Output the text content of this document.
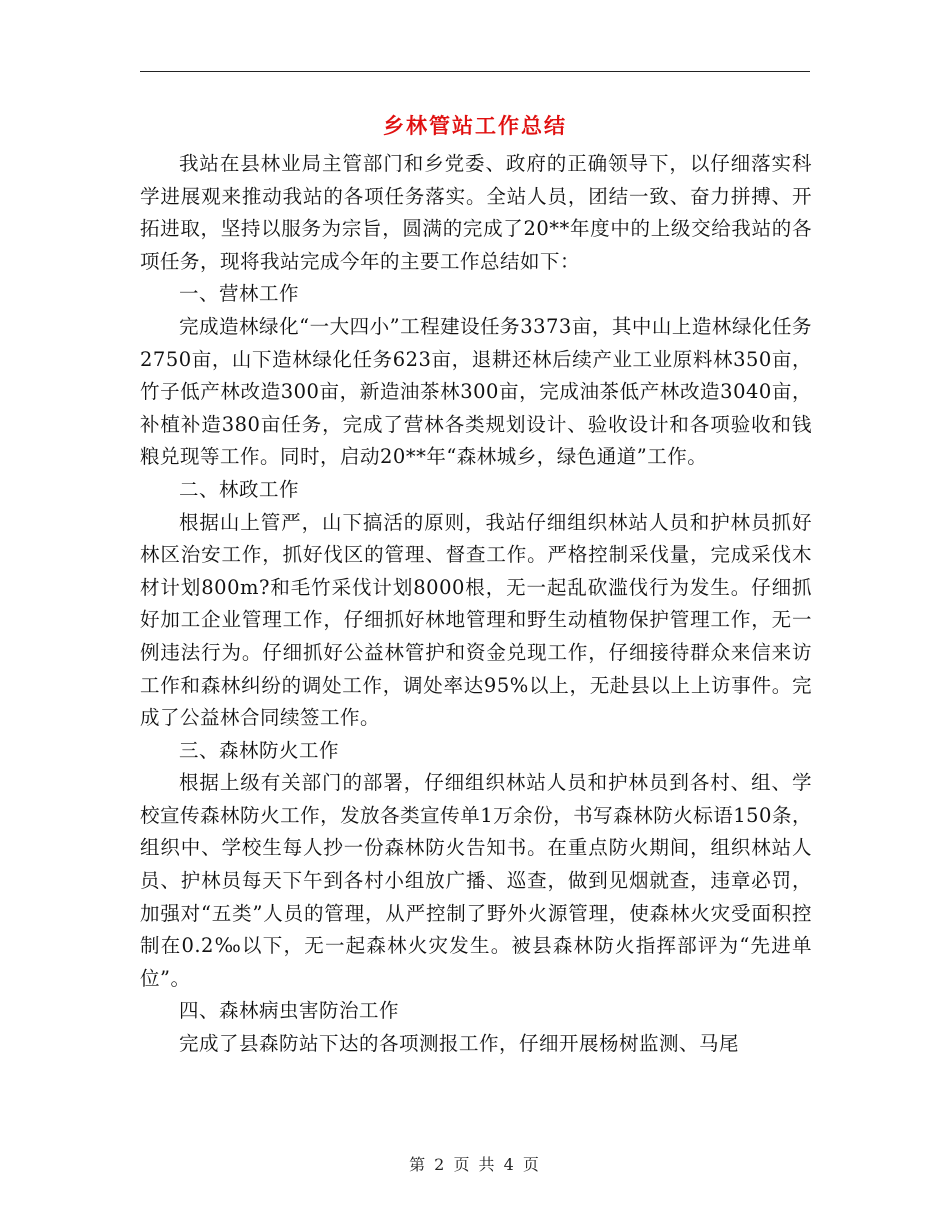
乡林管站工作总结

我站在县林业局主管部门和乡党委、政府的正确领导下，以仔细落实科学进展观来推动我站的各项任务落实。全站人员，团结一致、奋力拼搏、开拓进取，坚持以服务为宗旨，圆满的完成了20**年度中的上级交给我站的各项任务，现将我站完成今年的主要工作总结如下：

一、营林工作

完成造林绿化“一大四小”工程建设任务3373亩，其中山上造林绿化任务2750亩，山下造林绿化任务623亩，退耕还林后续产业工业原料林350亩，竹子低产林改造300亩，新造油茶林300亩，完成油茶低产林改造3040亩，补植补造380亩任务，完成了营林各类规划设计、验收设计和各项验收和钱粮兑现等工作。同时，启动20**年“森林城乡，绿色通道”工作。

二、林政工作

根据山上管严，山下搞活的原则，我站仔细组织林站人员和护林员抓好林区治安工作，抓好伐区的管理、督查工作。严格控制采伐量，完成采伐木材计划800m?和毛竹采伐计划8000根，无一起乱砍滥伐行为发生。仔细抓好加工企业管理工作，仔细抓好林地管理和野生动植物保护管理工作，无一例违法行为。仔细抓好公益林管护和资金兑现工作，仔细接待群众来信来访工作和森林纠纷的调处工作，调处率达95%以上，无赴县以上上访事件。完成了公益林合同续签工作。

三、森林防火工作

根据上级有关部门的部署，仔细组织林站人员和护林员到各村、组、学校宣传森林防火工作，发放各类宣传单1万余份，书写森林防火标语150条，组织中、学校生每人抄一份森林防火告知书。在重点防火期间，组织林站人员、护林员每天下午到各村小组放广播、巡查，做到见烟就查，违章必罚，加强对“五类”人员的管理，从严控制了野外火源管理，使森林火灾受面积控制在0.2‰以下，无一起森林火灾发生。被县森林防火指挥部评为“先进单位”。

四、森林病虫害防治工作

完成了县森防站下达的各项测报工作，仔细开展杨树监测、马尾

第 2 页 共 4 页
